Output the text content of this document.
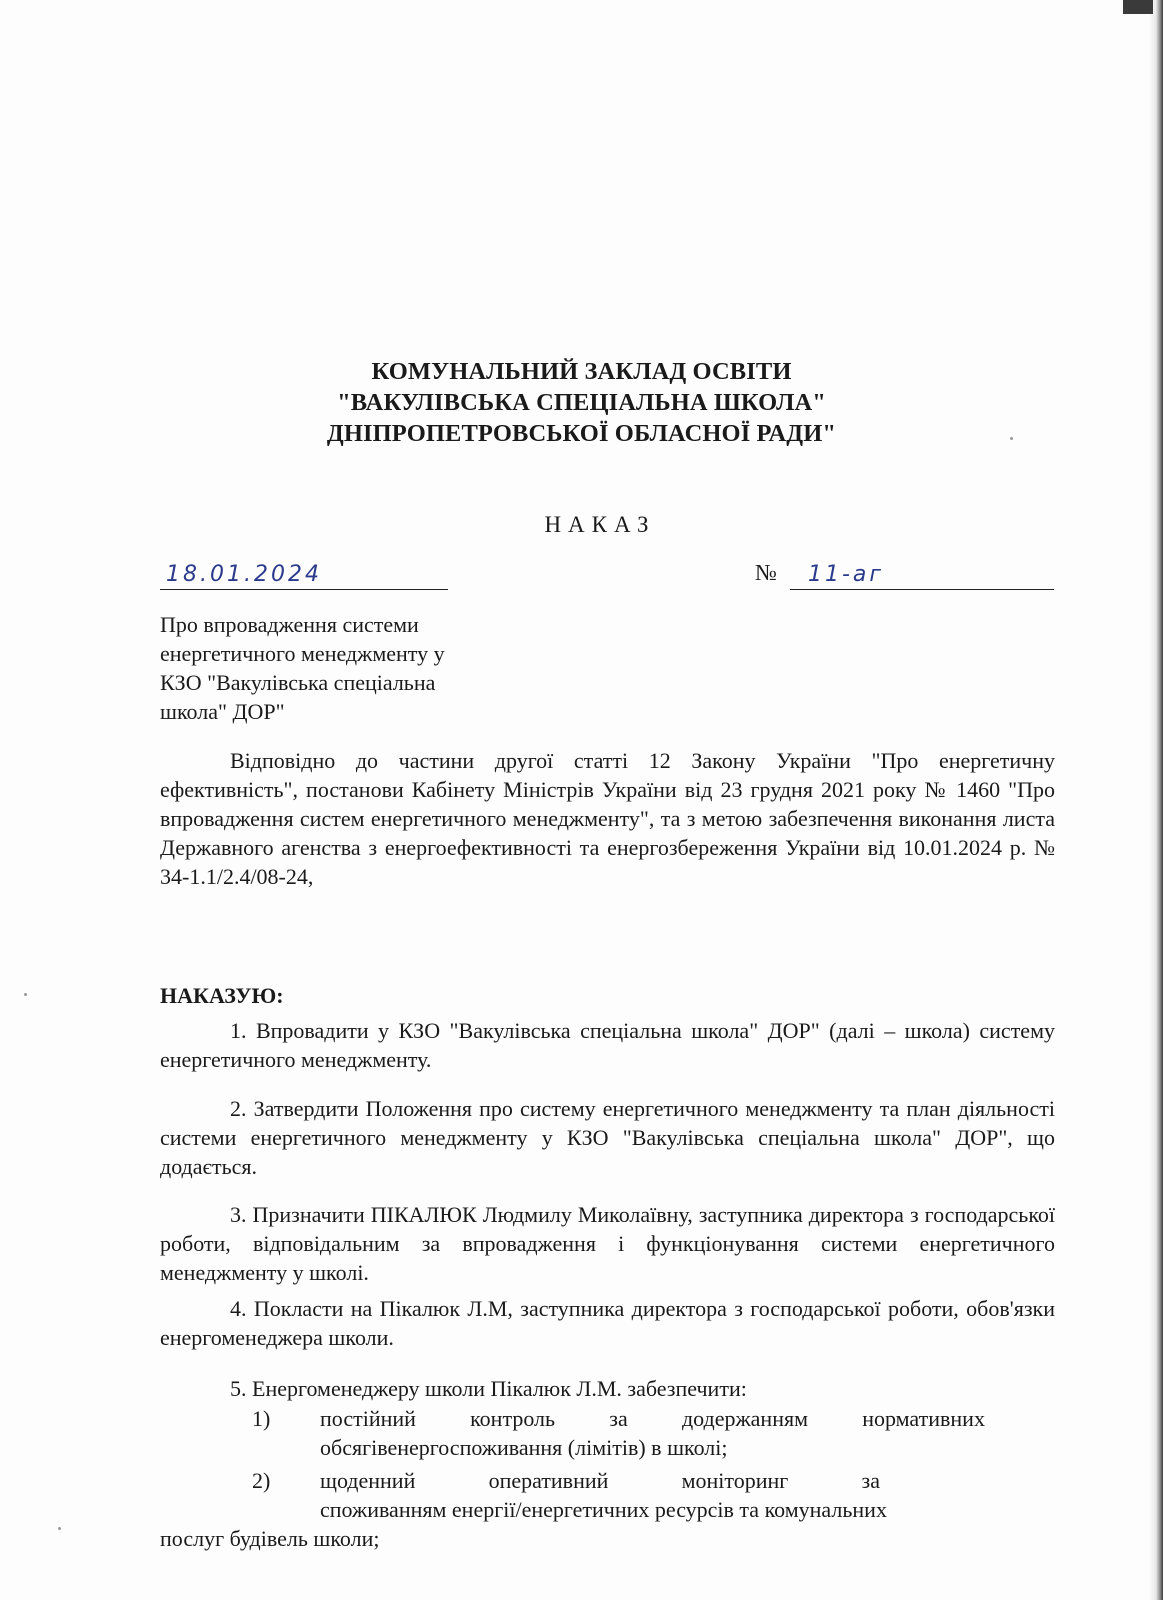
КОМУНАЛЬНИЙ ЗАКЛАД ОСВІТИ
"ВАКУЛІВСЬКА СПЕЦІАЛЬНА ШКОЛА"
ДНІПРОПЕТРОВСЬКОЇ ОБЛАСНОЇ РАДИ"
НАКАЗ
18.01.2024	№ 11-аг
Про впровадження системи
енергетичного менеджменту у
КЗО "Вакулівська спеціальна
школа" ДОР"
Відповідно до частини другої статті 12 Закону України "Про енергетичну ефективність", постанови Кабінету Міністрів України від 23 грудня 2021 року № 1460 "Про впровадження систем енергетичного менеджменту", та з метою забезпечення виконання листа Державного агенства з енергоефективності та енергозбереження України від 10.01.2024 р. № 34-1.1/2.4/08-24,
НАКАЗУЮ:
1. Впровадити у КЗО "Вакулівська спеціальна школа" ДОР" (далі – школа) систему енергетичного менеджменту.
2. Затвердити Положення про систему енергетичного менеджменту та план діяльності системи енергетичного менеджменту у КЗО "Вакулівська спеціальна школа" ДОР", що додається.
3. Призначити ПІКАЛЮК Людмилу Миколаївну, заступника директора з господарської роботи, відповідальним за впровадження і функціонування системи енергетичного менеджменту у школі.
4. Покласти на Пікалюк Л.М, заступника директора з господарської роботи, обов'язки енергоменеджера школи.
5. Енергоменеджеру школи Пікалюк Л.М. забезпечити:
1) постійний контроль за додержанням нормативних
обсягівенергоспоживання (лімітів) в школі;
2) щоденний	оперативний	моніторинг	за
споживанням енергії/енергетичних ресурсів та комунальних
послуг будівель школи;
